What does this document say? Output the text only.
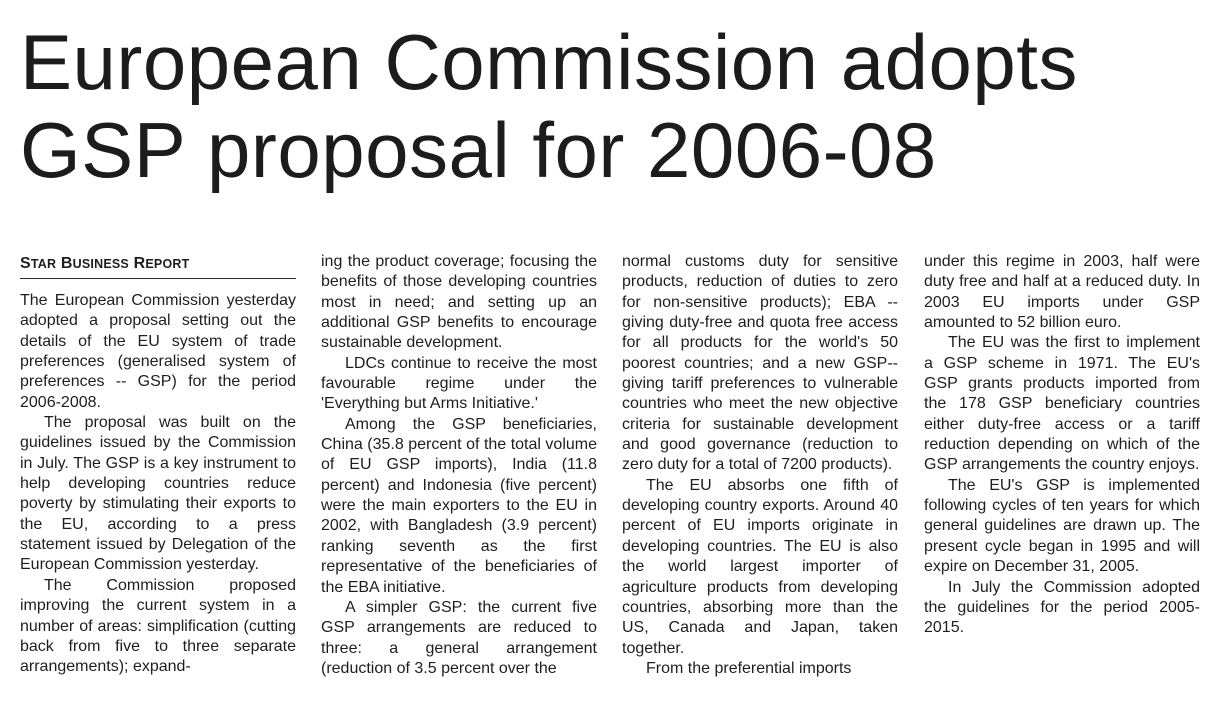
European Commission adopts
GSP proposal for 2006-08
STAR BUSINESS REPORT

The European Commission yesterday adopted a proposal setting out the details of the EU system of trade preferences (generalised system of preferences -- GSP) for the period 2006-2008.

The proposal was built on the guidelines issued by the Commission in July. The GSP is a key instrument to help developing countries reduce poverty by stimulating their exports to the EU, according to a press statement issued by Delegation of the European Commission yesterday.

The Commission proposed improving the current system in a number of areas: simplification (cutting back from five to three separate arrangements); expand-

ing the product coverage; focusing the benefits of those developing countries most in need; and setting up an additional GSP benefits to encourage sustainable development.

LDCs continue to receive the most favourable regime under the 'Everything but Arms Initiative.'

Among the GSP beneficiaries, China (35.8 percent of the total volume of EU GSP imports), India (11.8 percent) and Indonesia (five percent) were the main exporters to the EU in 2002, with Bangladesh (3.9 percent) ranking seventh as the first representative of the beneficiaries of the EBA initiative.

A simpler GSP: the current five GSP arrangements are reduced to three: a general arrangement (reduction of 3.5 percent over the

normal customs duty for sensitive products, reduction of duties to zero for non-sensitive products); EBA -- giving duty-free and quota free access for all products for the world's 50 poorest countries; and a new GSP-- giving tariff preferences to vulnerable countries who meet the new objective criteria for sustainable development and good governance (reduction to zero duty for a total of 7200 products).

The EU absorbs one fifth of developing country exports. Around 40 percent of EU imports originate in developing countries. The EU is also the world largest importer of agriculture products from developing countries, absorbing more than the US, Canada and Japan, taken together.

From the preferential imports

under this regime in 2003, half were duty free and half at a reduced duty. In 2003 EU imports under GSP amounted to 52 billion euro.

The EU was the first to implement a GSP scheme in 1971. The EU's GSP grants products imported from the 178 GSP beneficiary countries either duty-free access or a tariff reduction depending on which of the GSP arrangements the country enjoys.

The EU's GSP is implemented following cycles of ten years for which general guidelines are drawn up. The present cycle began in 1995 and will expire on December 31, 2005.

In July the Commission adopted the guidelines for the period 2005-2015.
